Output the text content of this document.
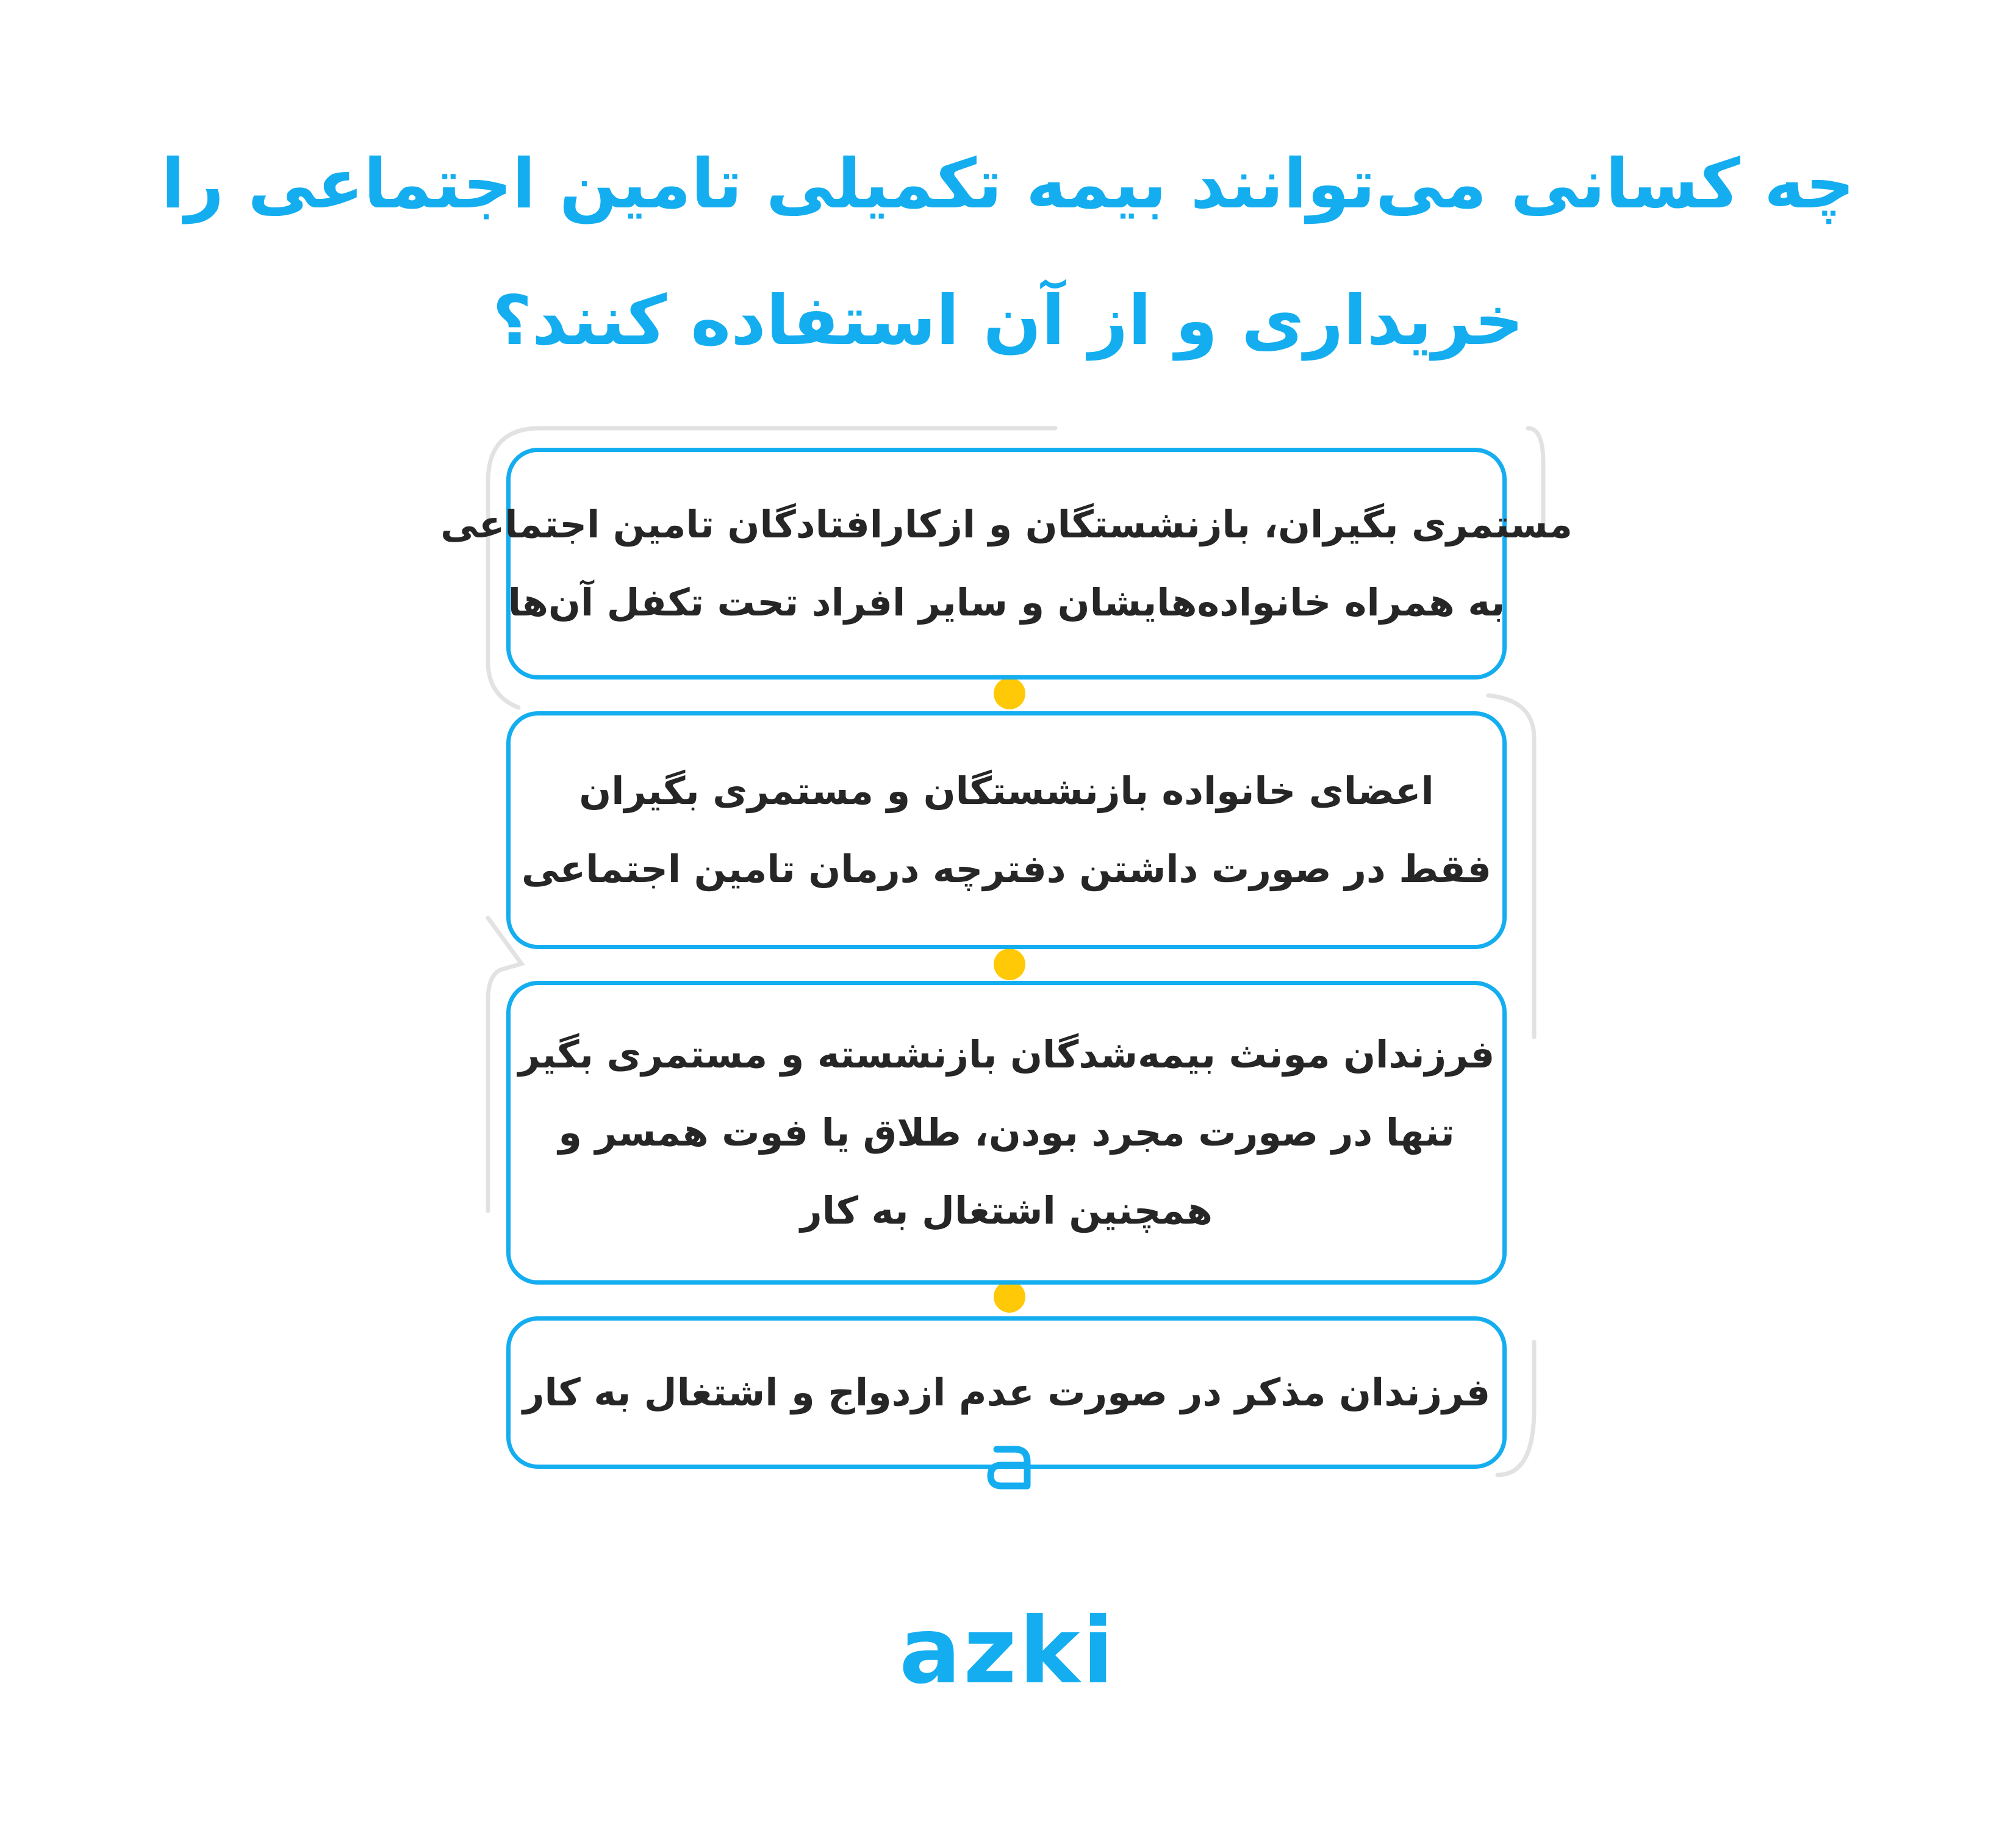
چه کسانی می‌توانند بیمه تکمیلی تامین اجتماعی را
خریداری و از آن استفاده کنند؟
مستمری بگیران، بازنشستگان و ازکارافتادگان تامین اجتماعی
به همراه خانواده‌هایشان و سایر افراد تحت تکفل آن‌ها
اعضای خانواده بازنشستگان و مستمری بگیران
فقط در صورت داشتن دفترچه درمان تامین اجتماعی
فرزندان مونث بیمه‌شدگان بازنشسته و مستمری بگیر
تنها در صورت مجرد بودن، طلاق یا فوت همسر و
همچنین اشتغال به کار
فرزندان مذکر در صورت عدم ازدواج و اشتغال به کار
azki
